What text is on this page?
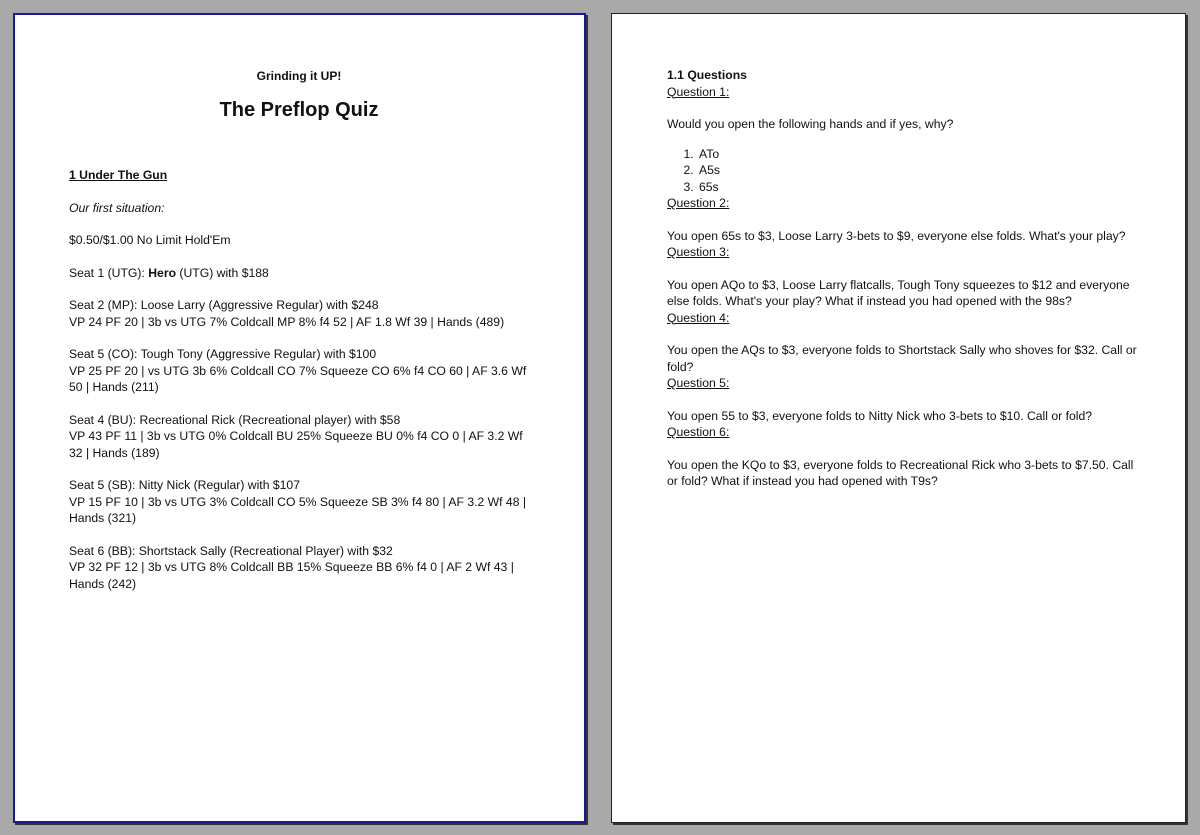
Grinding it UP!

The Preflop Quiz

1 Under The Gun

Our first situation:

$0.50/$1.00 No Limit Hold'Em

Seat 1 (UTG): Hero (UTG) with $188

Seat 2 (MP): Loose Larry (Aggressive Regular) with $248

VP 24 PF 20 | 3b vs UTG 7% Coldcall MP 8% f4 52 | AF 1.8 Wf 39 | Hands (489)

Seat 5 (CO): Tough Tony (Aggressive Regular) with $100

VP 25 PF 20 | vs UTG 3b 6% Coldcall CO 7% Squeeze CO 6% f4 CO 60 | AF 3.6 Wf 50 | Hands (211)

Seat 4 (BU): Recreational Rick (Recreational player) with $58

VP 43 PF 11 | 3b vs UTG 0% Coldcall BU 25% Squeeze BU 0% f4 CO 0 | AF 3.2 Wf 32 | Hands (189)

Seat 5 (SB): Nitty Nick (Regular) with $107

VP 15 PF 10 | 3b vs UTG 3% Coldcall CO 5% Squeeze SB 3% f4 80 | AF 3.2 Wf 48 | Hands (321)

Seat 6 (BB): Shortstack Sally (Recreational Player) with $32

VP 32 PF 12 | 3b vs UTG 8% Coldcall BB 15% Squeeze BB 6% f4 0 | AF 2 Wf 43 | Hands (242)

1.1 Questions

Question 1:

Would you open the following hands and if yes, why?

1. ATo
2. A5s
3. 65s

Question 2:

You open 65s to $3, Loose Larry 3-bets to $9, everyone else folds. What's your play?

Question 3:

You open AQo to $3, Loose Larry flatcalls, Tough Tony squeezes to $12 and everyone else folds. What's your play? What if instead you had opened with the 98s?

Question 4:

You open the AQs to $3, everyone folds to Shortstack Sally who shoves for $32. Call or fold?

Question 5:

You open 55 to $3, everyone folds to Nitty Nick who 3-bets to $10. Call or fold?

Question 6:

You open the KQo to $3, everyone folds to Recreational Rick who 3-bets to $7.50. Call or fold? What if instead you had opened with T9s?
